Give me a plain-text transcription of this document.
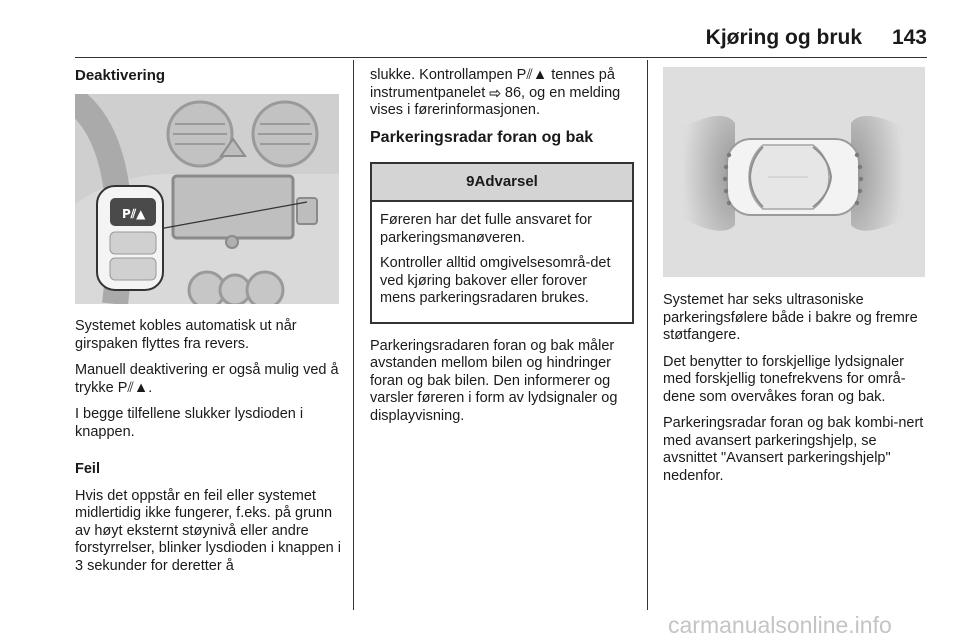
Kjøring og bruk	143
Deaktivering
P⫽▲

Systemet kobles automatisk ut når girspaken flyttes fra revers.

Manuell deaktivering er også mulig ved å trykke P⫽▲.

I begge tilfellene slukker lysdioden i knappen.

Feil

Hvis det oppstår en feil eller systemet midlertidig ikke fungerer, f.eks. på grunn av høyt eksternt støynivå eller andre forstyrrelser, blinker lysdioden i knappen i 3 sekunder for deretter å

slukke. Kontrollampen P⫽▲ tennes på instrumentpanelet ⇨ 86, og en melding vises i førerinformasjonen.

Parkeringsradar foran og bak
9Advarsel

Føreren har det fulle ansvaret for parkeringsmanøveren.

Kontroller alltid omgivelsesområ-det ved kjøring bakover eller forover mens parkeringsradaren brukes.

Parkeringsradaren foran og bak måler avstanden mellom bilen og hindringer foran og bak bilen. Den informerer og varsler føreren i form av lydsignaler og displayvisning.

Systemet har seks ultrasoniske parkeringsfølere både i bakre og fremre støtfangere.

Det benytter to forskjellige lydsignaler med forskjellig tonefrekvens for områ-dene som overvåkes foran og bak.

Parkeringsradar foran og bak kombi-nert med avansert parkeringshjelp, se avsnittet "Avansert parkeringshjelp" nedenfor.

carmanualsonline.info
